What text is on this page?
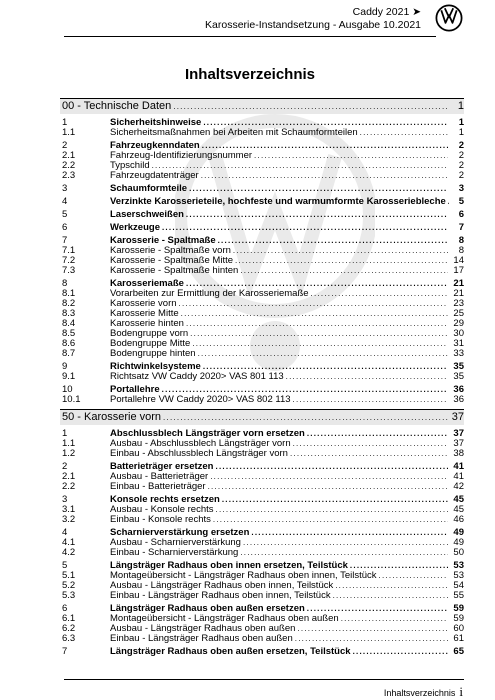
Caddy 2021 ➤
Karosserie-Instandsetzung - Ausgabe 10.2021
Inhaltsverzeichnis
00 - Technische Daten . . .	1
1	Sicherheitshinweise . . .	1
1.1	Sicherheitsmaßnahmen bei Arbeiten mit Schaumformteilen . . .	1
2	Fahrzeugkenndaten . . .	2
2.1	Fahrzeug-Identifizierungsnummer . . .	2
2.2	Typschild . . .	2
2.3	Fahrzeugdatenträger . . .	2
3	Schaumformteile . . .	3
4	Verzinkte Karosserieteile, hochfeste und warmumformte Karosseriebleche . . .	5
5	Laserschweißen . . .	6
6	Werkzeuge . . .	7
7	Karosserie - Spaltmaße . . .	8
7.1	Karosserie - Spaltmaße vorn . . .	8
7.2	Karosserie - Spaltmaße Mitte . . .	14
7.3	Karosserie - Spaltmaße hinten . . .	17
8	Karosseriemaße . . .	21
8.1	Vorarbeiten zur Ermittlung der Karosseriemaße . . .	21
8.2	Karosserie vorn . . .	23
8.3	Karosserie Mitte . . .	25
8.4	Karosserie hinten . . .	29
8.5	Bodengruppe vorn . . .	30
8.6	Bodengruppe Mitte . . .	31
8.7	Bodengruppe hinten . . .	33
9	Richtwinkelsysteme . . .	35
9.1	Richtsatz VW Caddy 2020> VAS 801 113 . . .	35
10	Portallehre . . .	36
10.1	Portallehre VW Caddy 2020> VAS 802 113 . . .	36
50 - Karosserie vorn . . .	37
1	Abschlussblech Längsträger vorn ersetzen . . .	37
1.1	Ausbau - Abschlussblech Längsträger vorn . . .	37
1.2	Einbau - Abschlussblech Längsträger vorn . . .	38
2	Batterieträger ersetzen . . .	41
2.1	Ausbau - Batterieträger . . .	41
2.2	Einbau - Batterieträger . . .	42
3	Konsole rechts ersetzen . . .	45
3.1	Ausbau - Konsole rechts . . .	45
3.2	Einbau - Konsole rechts . . .	46
4	Scharnierverstärkung ersetzen . . .	49
4.1	Ausbau - Scharnierverstärkung . . .	49
4.2	Einbau - Scharnierverstärkung . . .	50
5	Längsträger Radhaus oben innen ersetzen, Teilstück . . .	53
5.1	Montageübersicht - Längsträger Radhaus oben innen, Teilstück . . .	53
5.2	Ausbau - Längsträger Radhaus oben innen, Teilstück . . .	54
5.3	Einbau - Längsträger Radhaus oben innen, Teilstück . . .	55
6	Längsträger Radhaus oben außen ersetzen . . .	59
6.1	Montageübersicht - Längsträger Radhaus oben außen . . .	59
6.2	Ausbau - Längsträger Radhaus oben außen . . .	60
6.3	Einbau - Längsträger Radhaus oben außen . . .	61
7	Längsträger Radhaus oben außen ersetzen, Teilstück . . .	65
Inhaltsverzeichnis i
